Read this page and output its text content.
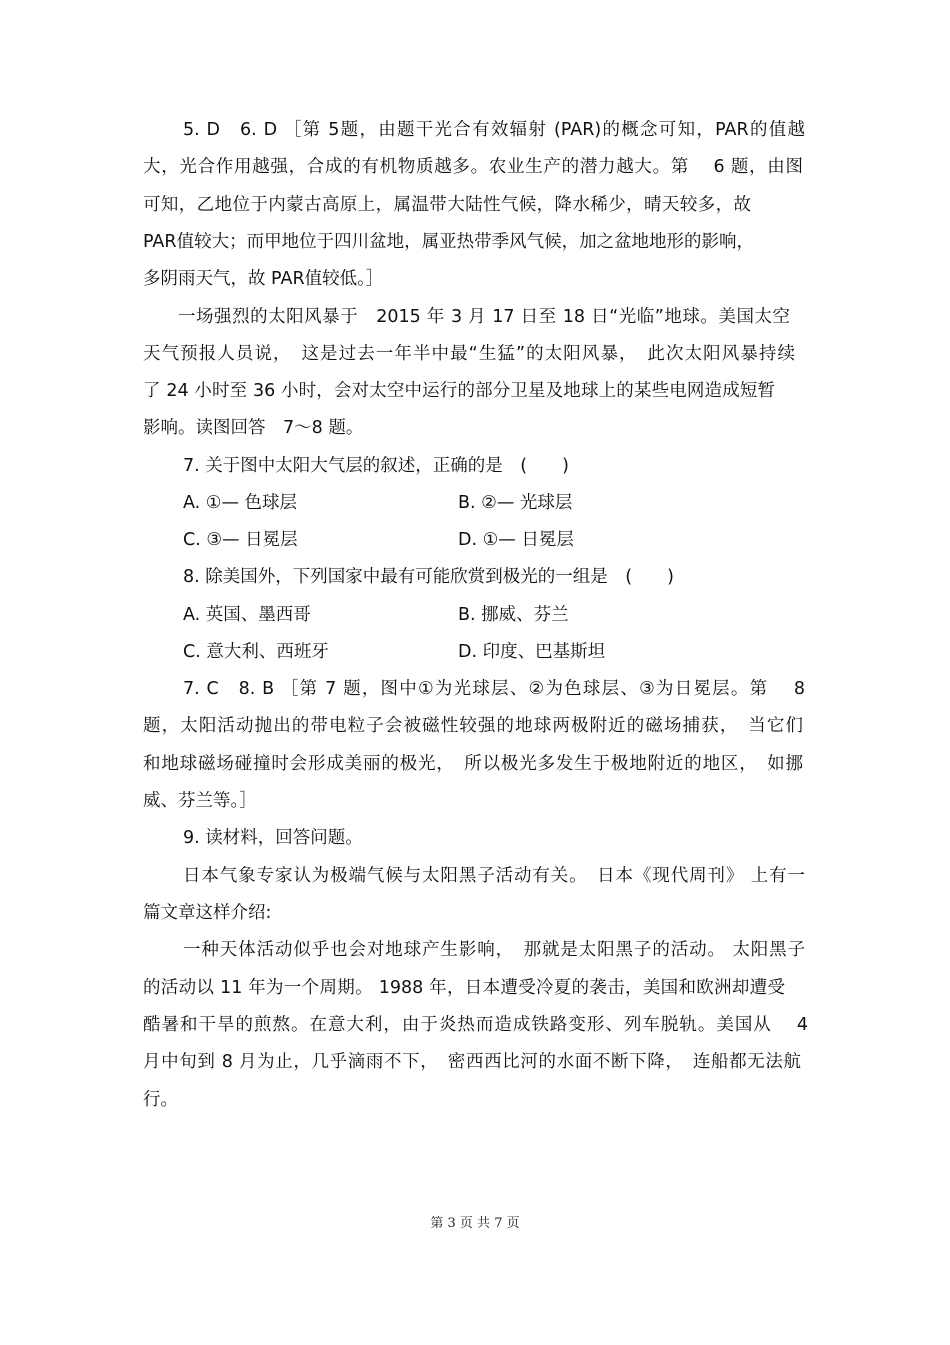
5. D　6. D ［第 5题，由题干光合有效辐射 (PAR)的概念可知，PAR的值越
大，光合作用越强，合成的有机物质越多。农业生产的潜力越大。第　 6 题，由图
可知，乙地位于内蒙古高原上，属温带大陆性气候，降水稀少，晴天较多，故
PAR值较大；而甲地位于四川盆地，属亚热带季风气候，加之盆地地形的影响，
多阴雨天气，故 PAR值较低。］
一场强烈的太阳风暴于　2015 年 3 月 17 日至 18 日“光临”地球。美国太空
天气预报人员说，　这是过去一年半中最“生猛”的太阳风暴，　此次太阳风暴持续
了 24 小时至 36 小时，会对太空中运行的部分卫星及地球上的某些电网造成短暂
影响。读图回答　7～8 题。
7. 关于图中太阳大气层的叙述，正确的是　(　　)
A. ①— 色球层	B. ②— 光球层
C. ③— 日冕层	D. ①— 日冕层
8. 除美国外，下列国家中最有可能欣赏到极光的一组是　(　　)
A. 英国、墨西哥	B. 挪威、芬兰
C. 意大利、西班牙	D. 印度、巴基斯坦
7. C　8. B ［第 7 题，图中①为光球层、②为色球层、③为日冕层。第　 8
题，太阳活动抛出的带电粒子会被磁性较强的地球两极附近的磁场捕获，　当它们
和地球磁场碰撞时会形成美丽的极光，　所以极光多发生于极地附近的地区，　如挪
威、芬兰等。］
9. 读材料，回答问题。
日本气象专家认为极端气候与太阳黑子活动有关。　日本《现代周刊》 上有一
篇文章这样介绍:
一种天体活动似乎也会对地球产生影响，　那就是太阳黑子的活动。 太阳黑子
的活动以 11 年为一个周期。 1988 年，日本遭受冷夏的袭击，美国和欧洲却遭受
酷暑和干旱的煎熬。在意大利，由于炎热而造成铁路变形、列车脱轨。美国从　 4
月中旬到 8 月为止，几乎滴雨不下，　密西西比河的水面不断下降，　连船都无法航
行。
第 3 页 共 7 页
